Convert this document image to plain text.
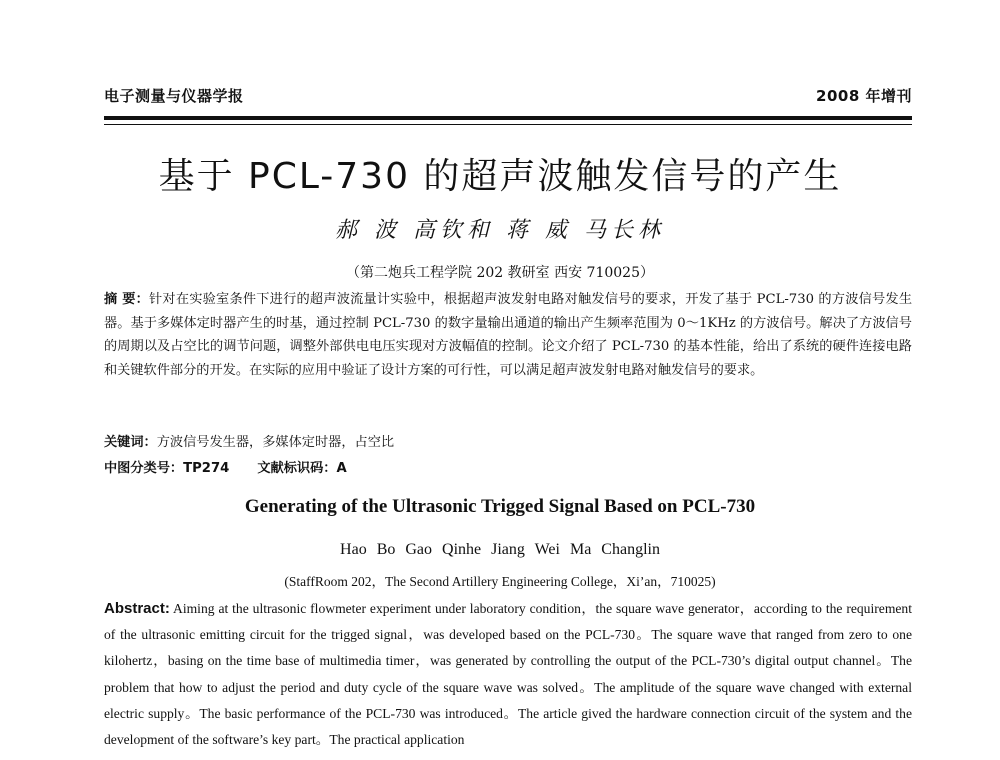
电子测量与仪器学报	2008 年增刊
基于 PCL-730 的超声波触发信号的产生
郝 波 高钦和 蒋 威 马长林
（第二炮兵工程学院 202 教研室 西安 710025）
摘 要：针对在实验室条件下进行的超声波流量计实验中，根据超声波发射电路对触发信号的要求，开发了基于 PCL-730 的方波信号发生器。基于多媒体定时器产生的时基，通过控制 PCL-730 的数字量输出通道的输出产生频率范围为 0～1KHz 的方波信号。解决了方波信号的周期以及占空比的调节问题，调整外部供电电压实现对方波幅值的控制。论文介绍了 PCL-730 的基本性能，给出了系统的硬件连接电路和关键软件部分的开发。在实际的应用中验证了设计方案的可行性，可以满足超声波发射电路对触发信号的要求。
关键词：方波信号发生器，多媒体定时器，占空比
中图分类号：TP274 文献标识码：A
Generating of the Ultrasonic Trigged Signal Based on PCL-730
Hao Bo Gao Qinhe Jiang Wei Ma Changlin
(StaffRoom 202，The Second Artillery Engineering College，Xi’an，710025)
Abstract: Aiming at the ultrasonic flowmeter experiment under laboratory condition，the square wave generator，according to the requirement of the ultrasonic emitting circuit for the trigged signal，was developed based on the PCL-730。The square wave that ranged from zero to one kilohertz，basing on the time base of multimedia timer，was generated by controlling the output of the PCL-730’s digital output channel。The problem that how to adjust the period and duty cycle of the square wave was solved。The amplitude of the square wave changed with external electric supply。The basic performance of the PCL-730 was introduced。The article gived the hardware connection circuit of the system and the development of the software’s key part。The practical application
